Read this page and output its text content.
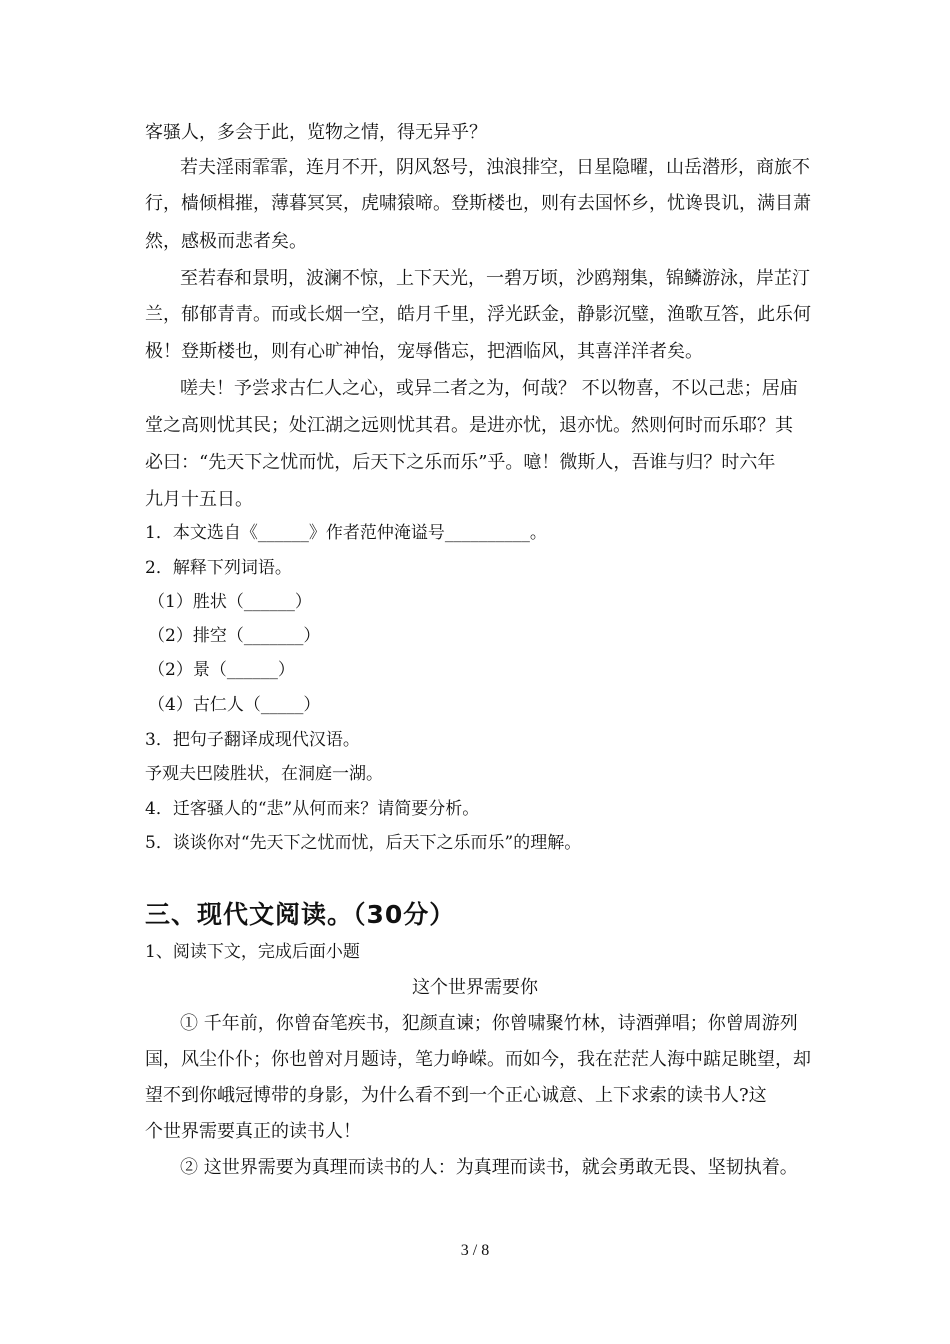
客骚人，多会于此，览物之情，得无异乎？
若夫淫雨霏霏，连月不开，阴风怒号，浊浪排空，日星隐曜，山岳潜形，商旅不
行，樯倾楫摧，薄暮冥冥，虎啸猿啼。登斯楼也，则有去国怀乡，忧谗畏讥，满目萧
然，感极而悲者矣。
至若春和景明，波澜不惊，上下天光，一碧万顷，沙鸥翔集，锦鳞游泳，岸芷汀
兰，郁郁青青。而或长烟一空，皓月千里，浮光跃金，静影沉璧，渔歌互答，此乐何
极！登斯楼也，则有心旷神怡，宠辱偕忘，把酒临风，其喜洋洋者矣。
嗟夫！予尝求古仁人之心，或异二者之为，何哉？ 不以物喜，不以己悲；居庙
堂之高则忧其民；处江湖之远则忧其君。是进亦忧，退亦忧。然则何时而乐耶？其
必曰：“先天下之忧而忧，后天下之乐而乐”乎。噫！微斯人，吾谁与归？时六年
九月十五日。
1．本文选自《______》作者范仲淹谥号__________。
2．解释下列词语。
（1）胜状（______）
（2）排空（_______）
（2）景（______）
（4）古仁人（_____）
3．把句子翻译成现代汉语。
予观夫巴陵胜状，在洞庭一湖。
4．迁客骚人的“悲”从何而来？请简要分析。
5．谈谈你对“先天下之忧而忧，后天下之乐而乐”的理解。
三、现代文阅读。（30分）
1、阅读下文，完成后面小题
这个世界需要你
① 千年前，你曾奋笔疾书，犯颜直谏；你曾啸聚竹林，诗酒弹唱；你曾周游列
国，风尘仆仆；你也曾对月题诗，笔力峥嵘。而如今，我在茫茫人海中踮足眺望，却
望不到你峨冠博带的身影，为什么看不到一个正心诚意、上下求索的读书人?这
个世界需要真正的读书人！
② 这世界需要为真理而读书的人：为真理而读书，就会勇敢无畏、坚韧执着。
3 / 8
